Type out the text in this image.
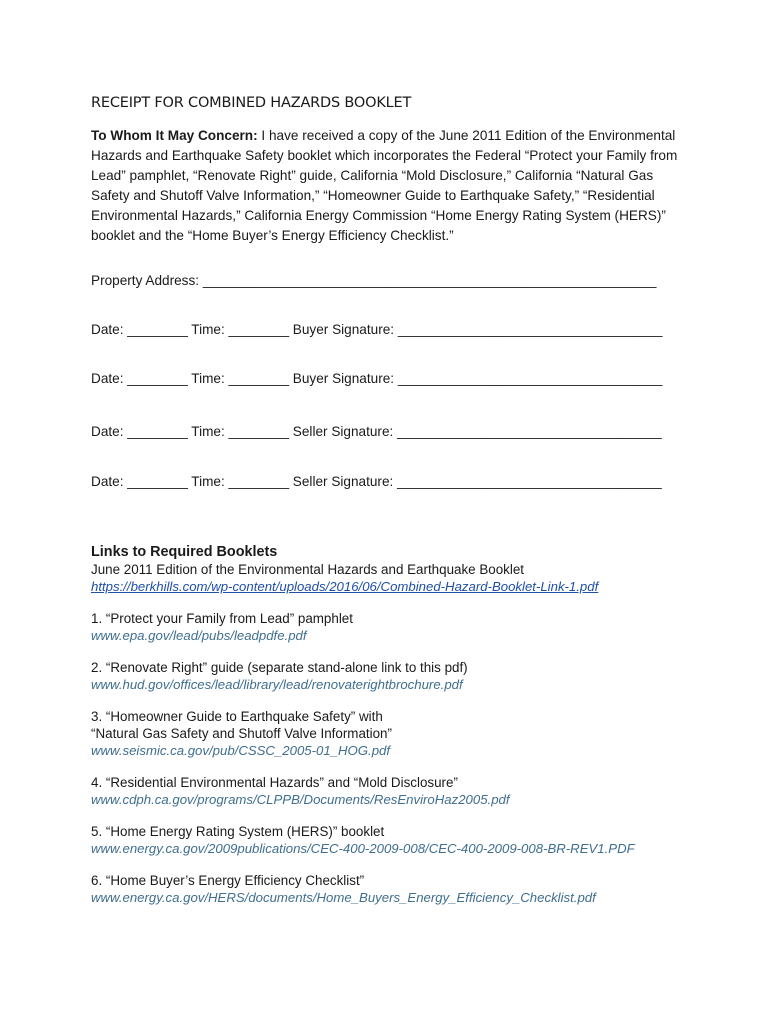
RECEIPT FOR COMBINED HAZARDS BOOKLET
To Whom It May Concern: I have received a copy of the June 2011 Edition of the Environmental Hazards and Earthquake Safety booklet which incorporates the Federal “Protect your Family from Lead” pamphlet, “Renovate Right” guide, California “Mold Disclosure,” California “Natural Gas Safety and Shutoff Valve Information,” “Homeowner Guide to Earthquake Safety,” “Residential Environmental Hazards,” California Energy Commission “Home Energy Rating System (HERS)” booklet and the “Home Buyer’s Energy Efficiency Checklist.”
Property Address: ____________________________________________________________
Date: ________ Time: ________ Buyer Signature: ___________________________________
Date: ________ Time: ________ Buyer Signature: ___________________________________
Date: ________ Time: ________ Seller Signature: ___________________________________
Date: ________ Time: ________ Seller Signature: ___________________________________
Links to Required Booklets
June 2011 Edition of the Environmental Hazards and Earthquake Booklet
https://berkhills.com/wp-content/uploads/2016/06/Combined-Hazard-Booklet-Link-1.pdf
1. “Protect your Family from Lead” pamphlet
www.epa.gov/lead/pubs/leadpdfe.pdf
2. “Renovate Right” guide (separate stand-alone link to this pdf)
www.hud.gov/offices/lead/library/lead/renovaterightbrochure.pdf
3. “Homeowner Guide to Earthquake Safety” with
“Natural Gas Safety and Shutoff Valve Information”
www.seismic.ca.gov/pub/CSSC_2005-01_HOG.pdf
4. “Residential Environmental Hazards” and “Mold Disclosure”
www.cdph.ca.gov/programs/CLPPB/Documents/ResEnviroHaz2005.pdf
5. “Home Energy Rating System (HERS)” booklet
www.energy.ca.gov/2009publications/CEC-400-2009-008/CEC-400-2009-008-BR-REV1.PDF
6. “Home Buyer’s Energy Efficiency Checklist”
www.energy.ca.gov/HERS/documents/Home_Buyers_Energy_Efficiency_Checklist.pdf
